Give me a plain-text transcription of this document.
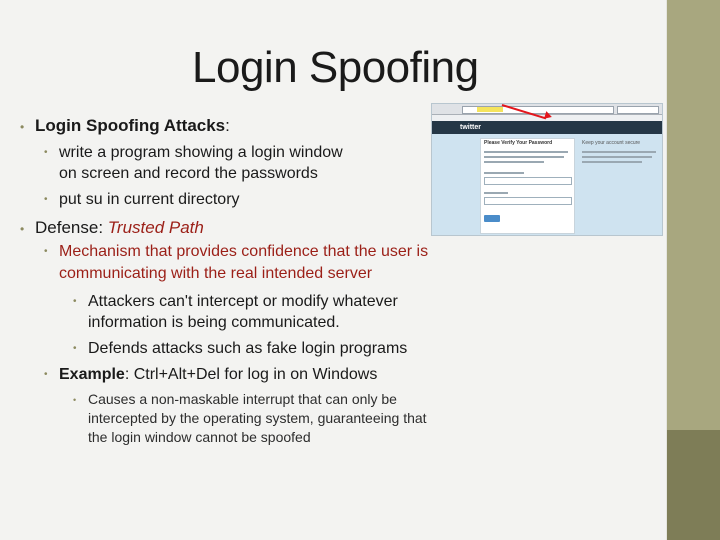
Login Spoofing
• Login Spoofing Attacks:

• write a program showing a login window

on screen and record the passwords

• put su in current directory

• Defense: Trusted Path

• Mechanism that provides confidence that the user is

communicating with the real intended server

• Attackers can't intercept or modify whatever

information is being communicated.

• Defends attacks such as fake login programs

• Example: Ctrl+Alt+Del for log in on Windows

• Causes a non-maskable interrupt that can only be

intercepted by the operating system, guaranteeing that

the login window cannot be spoofed

twitter
Please Verify Your Password	Keep your account secure
